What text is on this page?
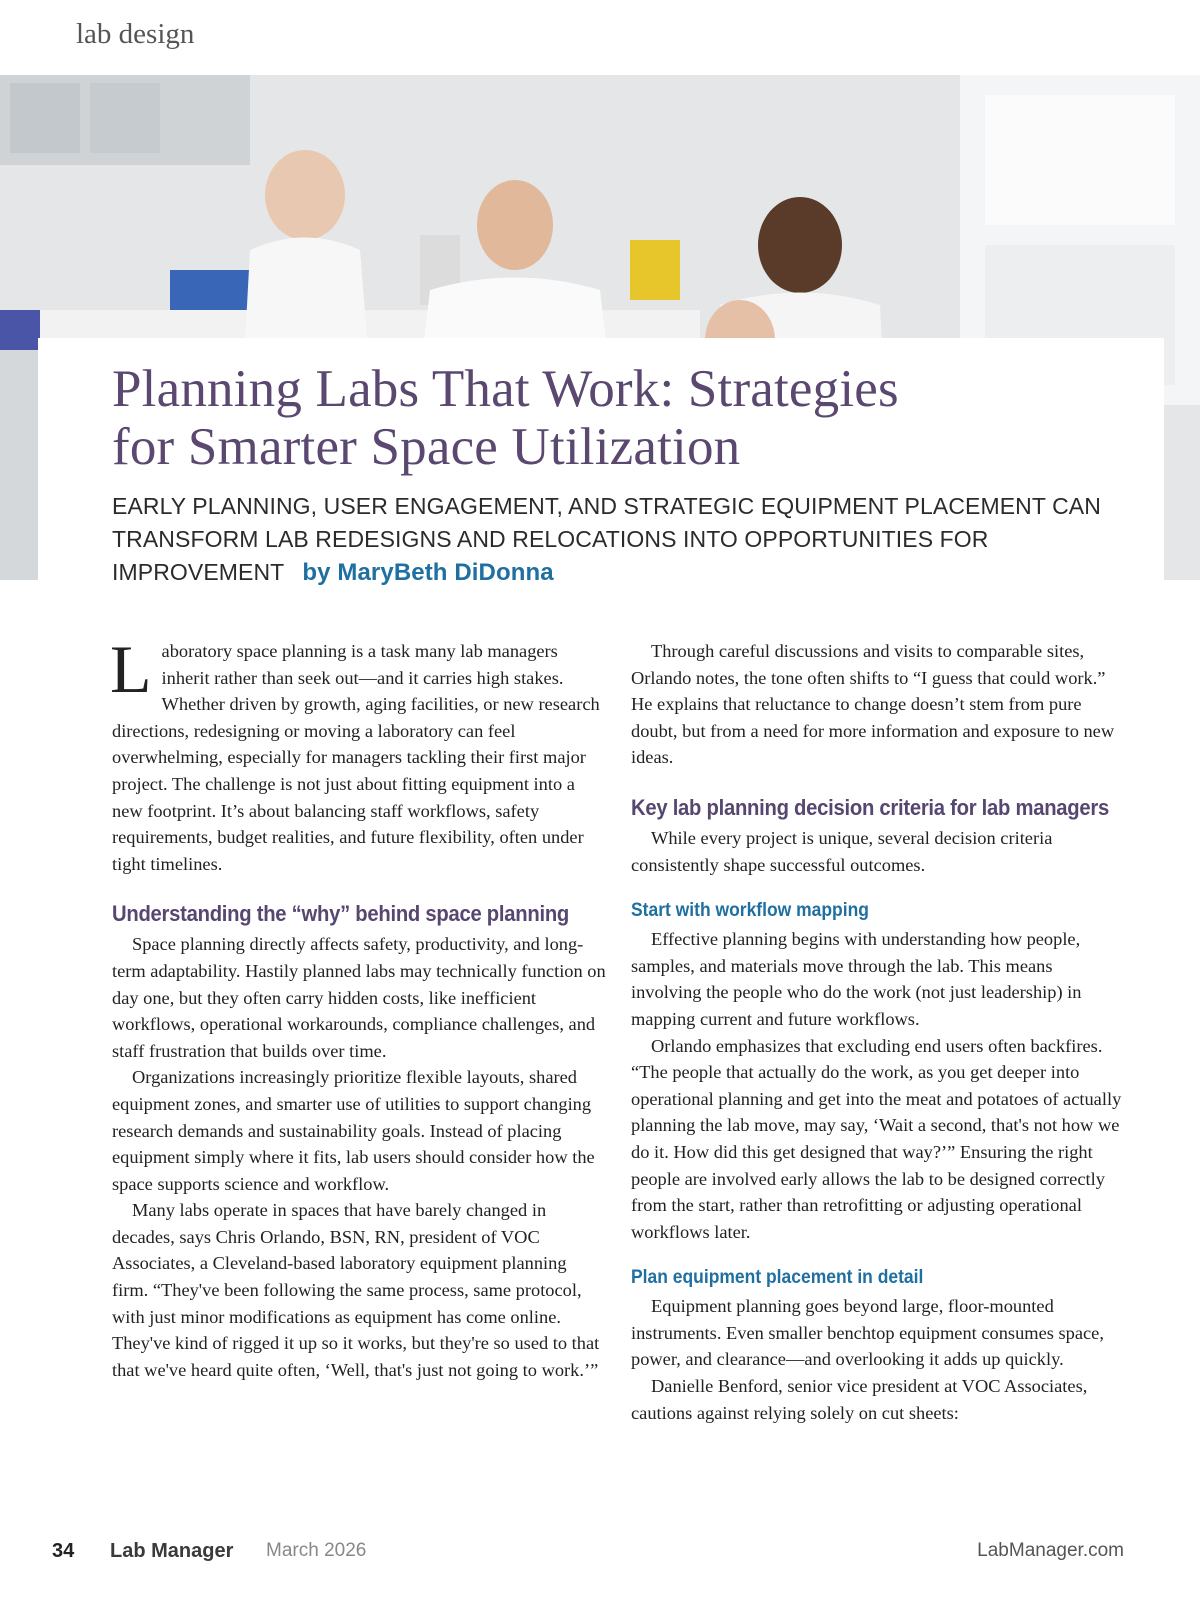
lab design
Planning Labs That Work: Strategies
for Smarter Space Utilization

EARLY PLANNING, USER ENGAGEMENT, AND STRATEGIC EQUIPMENT PLACEMENT CAN TRANSFORM LAB REDESIGNS AND RELOCATIONS INTO OPPORTUNITIES FOR IMPROVEMENT by MaryBeth DiDonna

Laboratory space planning is a task many lab managers inherit rather than seek out—and it carries high stakes. Whether driven by growth, aging facilities, or new research directions, redesigning or moving a laboratory can feel overwhelming, especially for managers tackling their first major project. The challenge is not just about fitting equipment into a new footprint. It’s about balancing staff workflows, safety requirements, budget realities, and future flexibility, often under tight timelines.

Understanding the “why” behind space planning

Space planning directly affects safety, productivity, and long-term adaptability. Hastily planned labs may technically function on day one, but they often carry hidden costs, like inefficient workflows, operational workarounds, compliance challenges, and staff frustration that builds over time.

Organizations increasingly prioritize flexible layouts, shared equipment zones, and smarter use of utilities to support changing research demands and sustainability goals. Instead of placing equipment simply where it fits, lab users should consider how the space supports science and workflow.

Many labs operate in spaces that have barely changed in decades, says Chris Orlando, BSN, RN, president of VOC Associates, a Cleveland-based laboratory equipment planning firm. “They've been following the same process, same protocol, with just minor modifications as equipment has come online. They've kind of rigged it up so it works, but they're so used to that that we've heard quite often, ‘Well, that's just not going to work.’”

Through careful discussions and visits to comparable sites, Orlando notes, the tone often shifts to “I guess that could work.” He explains that reluctance to change doesn’t stem from pure doubt, but from a need for more information and exposure to new ideas.

Key lab planning decision criteria for lab managers

While every project is unique, several decision criteria consistently shape successful outcomes.

Start with workflow mapping

Effective planning begins with understanding how people, samples, and materials move through the lab. This means involving the people who do the work (not just leadership) in mapping current and future workflows.

Orlando emphasizes that excluding end users often backfires. “The people that actually do the work, as you get deeper into operational planning and get into the meat and potatoes of actually planning the lab move, may say, ‘Wait a second, that's not how we do it. How did this get designed that way?’” Ensuring the right people are involved early allows the lab to be designed correctly from the start, rather than retrofitting or adjusting operational workflows later.

Plan equipment placement in detail

Equipment planning goes beyond large, floor-mounted instruments. Even smaller benchtop equipment consumes space, power, and clearance—and overlooking it adds up quickly.

Danielle Benford, senior vice president at VOC Associates, cautions against relying solely on cut sheets:

34 Lab Manager March 2026	LabManager.com
